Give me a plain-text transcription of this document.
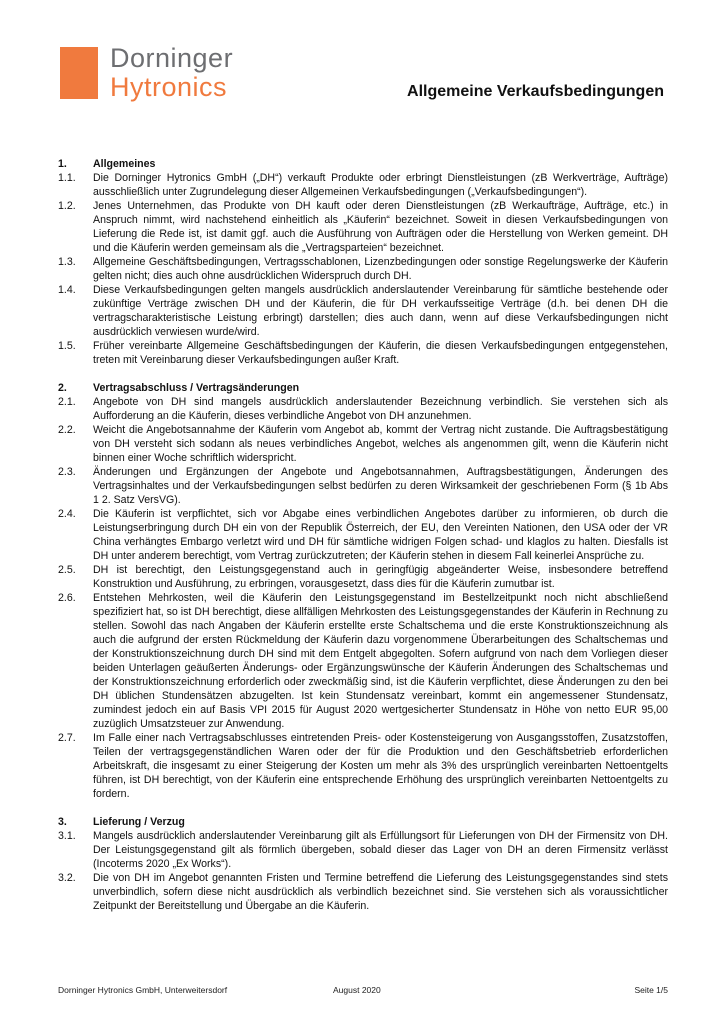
Dorninger
Hytronics	Allgemeine Verkaufsbedingungen
1.	Allgemeines
1.1.	Die Dorninger Hytronics GmbH („DH“) verkauft Produkte oder erbringt Dienstleistungen (zB Werkverträge, Aufträge) ausschließlich unter Zugrundelegung dieser Allgemeinen Verkaufsbedingungen („Verkaufsbedingungen“).
1.2.	Jenes Unternehmen, das Produkte von DH kauft oder deren Dienstleistungen (zB Werkaufträge, Aufträge, etc.) in Anspruch nimmt, wird nachstehend einheitlich als „Käuferin“ bezeichnet. Soweit in diesen Verkaufsbedingungen von Lieferung die Rede ist, ist damit ggf. auch die Ausführung von Aufträgen oder die Herstellung von Werken gemeint. DH und die Käuferin werden gemeinsam als die „Vertragsparteien“ bezeichnet.
1.3.	Allgemeine Geschäftsbedingungen, Vertragsschablonen, Lizenzbedingungen oder sonstige Regelungswerke der Käuferin gelten nicht; dies auch ohne ausdrücklichen Widerspruch durch DH.
1.4.	Diese Verkaufsbedingungen gelten mangels ausdrücklich anderslautender Vereinbarung für sämtliche bestehende oder zukünftige Verträge zwischen DH und der Käuferin, die für DH verkaufsseitige Verträge (d.h. bei denen DH die vertragscharakteristische Leistung erbringt) darstellen; dies auch dann, wenn auf diese Verkaufsbedingungen nicht ausdrücklich verwiesen wurde/wird.
1.5.	Früher vereinbarte Allgemeine Geschäftsbedingungen der Käuferin, die diesen Verkaufsbedingungen entgegenstehen, treten mit Vereinbarung dieser Verkaufsbedingungen außer Kraft.
2.	Vertragsabschluss / Vertragsänderungen
2.1.	Angebote von DH sind mangels ausdrücklich anderslautender Bezeichnung verbindlich. Sie verstehen sich als Aufforderung an die Käuferin, dieses verbindliche Angebot von DH anzunehmen.
2.2.	Weicht die Angebotsannahme der Käuferin vom Angebot ab, kommt der Vertrag nicht zustande. Die Auftragsbestätigung von DH versteht sich sodann als neues verbindliches Angebot, welches als angenommen gilt, wenn die Käuferin nicht binnen einer Woche schriftlich widerspricht.
2.3.	Änderungen und Ergänzungen der Angebote und Angebotsannahmen, Auftragsbestätigungen, Änderungen des Vertragsinhaltes und der Verkaufsbedingungen selbst bedürfen zu deren Wirksamkeit der geschriebenen Form (§ 1b Abs 1 2. Satz VersVG).
2.4.	Die Käuferin ist verpflichtet, sich vor Abgabe eines verbindlichen Angebotes darüber zu informieren, ob durch die Leistungserbringung durch DH ein von der Republik Österreich, der EU, den Vereinten Nationen, den USA oder der VR China verhängtes Embargo verletzt wird und DH für sämtliche widrigen Folgen schad- und klaglos zu halten. Diesfalls ist DH unter anderem berechtigt, vom Vertrag zurückzutreten; der Käuferin stehen in diesem Fall keinerlei Ansprüche zu.
2.5.	DH ist berechtigt, den Leistungsgegenstand auch in geringfügig abgeänderter Weise, insbesondere betreffend Konstruktion und Ausführung, zu erbringen, vorausgesetzt, dass dies für die Käuferin zumutbar ist.
2.6.	Entstehen Mehrkosten, weil die Käuferin den Leistungsgegenstand im Bestellzeitpunkt noch nicht abschließend spezifiziert hat, so ist DH berechtigt, diese allfälligen Mehrkosten des Leistungsgegenstandes der Käuferin in Rechnung zu stellen. Sowohl das nach Angaben der Käuferin erstellte erste Schaltschema und die erste Konstruktionszeichnung als auch die aufgrund der ersten Rückmeldung der Käuferin dazu vorgenommene Überarbeitungen des Schaltschemas und der Konstruktionszeichnung durch DH sind mit dem Entgelt abgegolten. Sofern aufgrund von nach dem Vorliegen dieser beiden Unterlagen geäußerten Änderungs- oder Ergänzungswünsche der Käuferin Änderungen des Schaltschemas und der Konstruktionszeichnung erforderlich oder zweckmäßig sind, ist die Käuferin verpflichtet, diese Änderungen zu den bei DH üblichen Stundensätzen abzugelten. Ist kein Stundensatz vereinbart, kommt ein angemessener Stundensatz, zumindest jedoch ein auf Basis VPI 2015 für August 2020 wertgesicherter Stundensatz in Höhe von netto EUR 95,00 zuzüglich Umsatzsteuer zur Anwendung.
2.7.	Im Falle einer nach Vertragsabschlusses eintretenden Preis- oder Kostensteigerung von Ausgangsstoffen, Zusatzstoffen, Teilen der vertragsgegenständlichen Waren oder der für die Produktion und den Geschäftsbetrieb erforderlichen Arbeitskraft, die insgesamt zu einer Steigerung der Kosten um mehr als 3% des ursprünglich vereinbarten Nettoentgelts führen, ist DH berechtigt, von der Käuferin eine entsprechende Erhöhung des ursprünglich vereinbarten Nettoentgelts zu fordern.
3.	Lieferung / Verzug
3.1.	Mangels ausdrücklich anderslautender Vereinbarung gilt als Erfüllungsort für Lieferungen von DH der Firmensitz von DH. Der Leistungsgegenstand gilt als förmlich übergeben, sobald dieser das Lager von DH an deren Firmensitz verlässt (Incoterms 2020 „Ex Works“).
3.2.	Die von DH im Angebot genannten Fristen und Termine betreffend die Lieferung des Leistungsgegenstandes sind stets unverbindlich, sofern diese nicht ausdrücklich als verbindlich bezeichnet sind. Sie verstehen sich als voraussichtlicher Zeitpunkt der Bereitstellung und Übergabe an die Käuferin.
Dorninger Hytronics GmbH, Unterweitersdorf	August 2020	Seite 1/5
